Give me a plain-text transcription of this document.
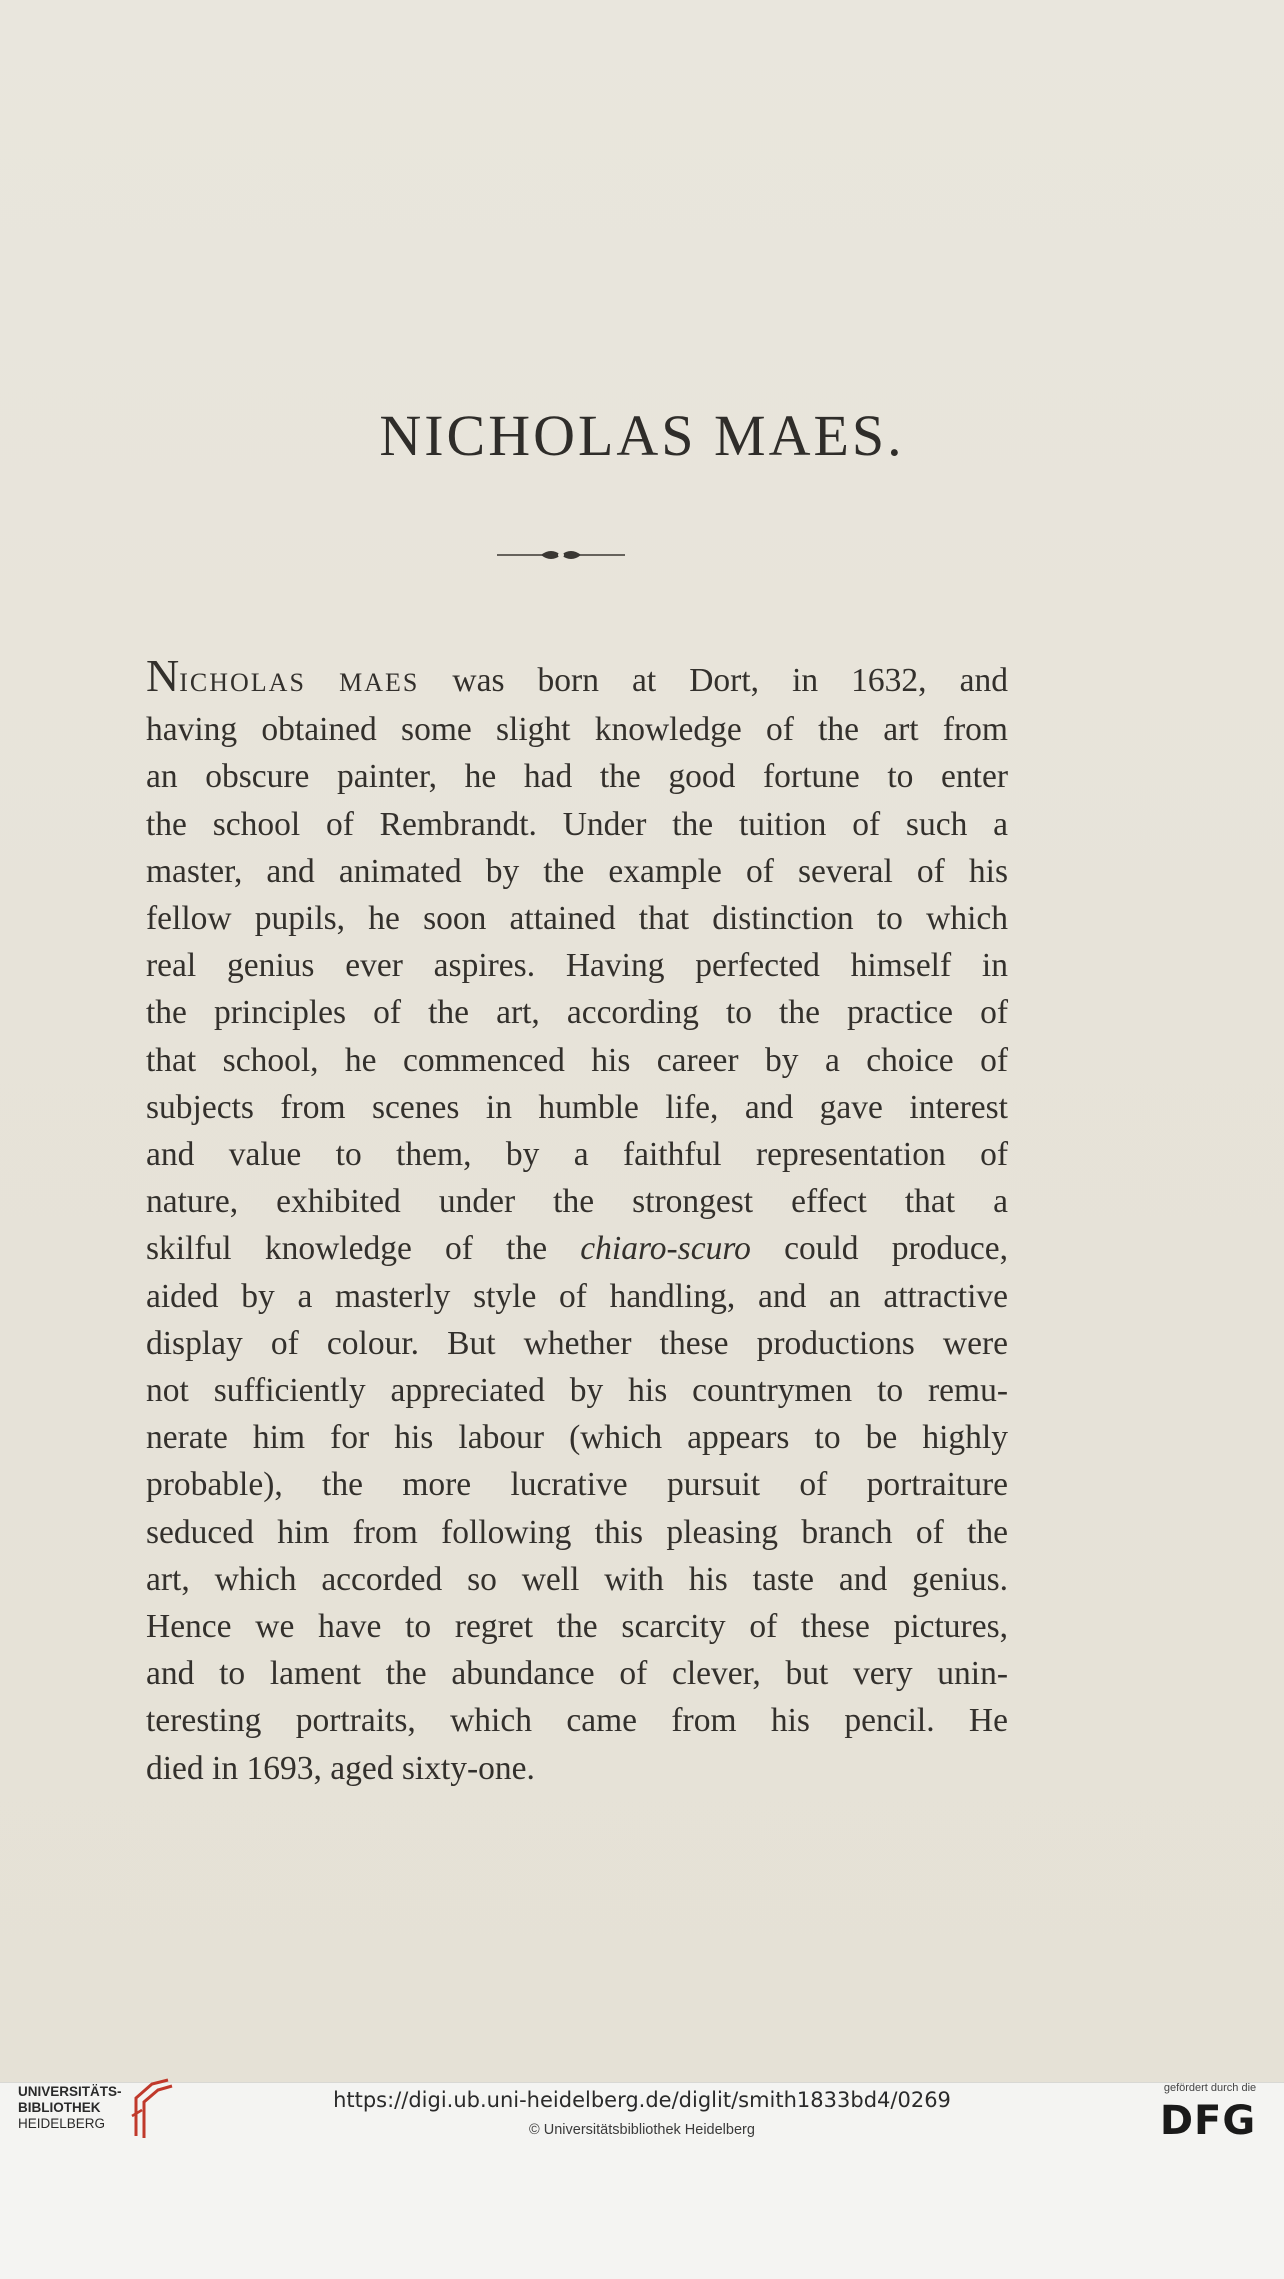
NICHOLAS MAES.
NICHOLAS MAES was born at Dort, in 1632, and
having obtained some slight knowledge of the art from
an obscure painter, he had the good fortune to enter
the school of Rembrandt. Under the tuition of such a
master, and animated by the example of several of his
fellow pupils, he soon attained that distinction to which
real genius ever aspires. Having perfected himself in
the principles of the art, according to the practice of
that school, he commenced his career by a choice of
subjects from scenes in humble life, and gave interest
and value to them, by a faithful representation of
nature, exhibited under the strongest effect that a
skilful knowledge of the chiaro-scuro could produce,
aided by a masterly style of handling, and an attractive
display of colour. But whether these productions were
not sufficiently appreciated by his countrymen to remu-
nerate him for his labour (which appears to be highly
probable), the more lucrative pursuit of portraiture
seduced him from following this pleasing branch of the
art, which accorded so well with his taste and genius.
Hence we have to regret the scarcity of these pictures,
and to lament the abundance of clever, but very unin-
teresting portraits, which came from his pencil. He
died in 1693, aged sixty-one.
UNIVERSITÄTS-
BIBLIOTHEK
HEIDELBERG
https://digi.ub.uni-heidelberg.de/diglit/smith1833bd4/0269
© Universitätsbibliothek Heidelberg
gefördert durch die
DFG
